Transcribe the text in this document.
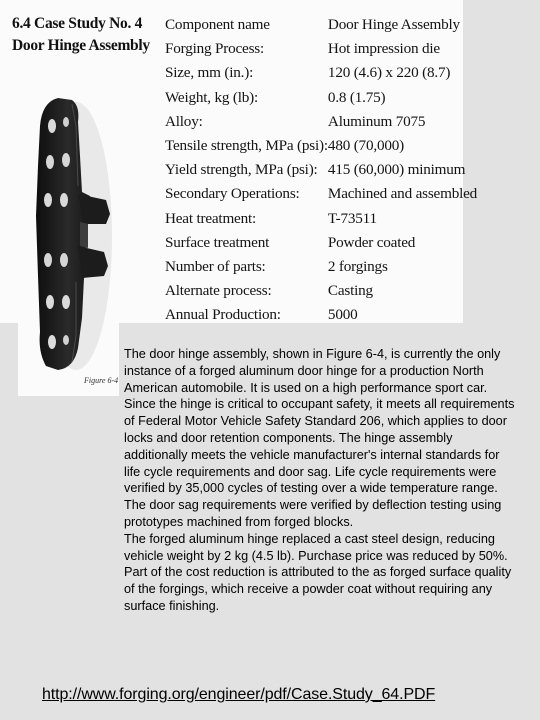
6.4 Case Study No. 4
Door Hinge Assembly
Component name	Door Hinge Assembly
Forging Process:	Hot impression die
Size, mm (in.):	120 (4.6) x 220 (8.7)
Weight, kg (lb):	0.8 (1.75)
Alloy:	Aluminum 7075
Tensile strength, MPa (psi):	480 (70,000)
Yield strength, MPa (psi):	415 (60,000) minimum
Secondary Operations:	Machined and assembled
Heat treatment:	T-73511
Surface treatment	Powder coated
Number of parts:	2 forgings
Alternate process:	Casting
Annual Production:	5000
Figure 6-4

The door hinge assembly, shown in Figure 6-4, is currently the only instance of a forged aluminum door hinge for a production North American automobile. It is used on a high performance sport car. Since the hinge is critical to occupant safety, it meets all requirements of Federal Motor Vehicle Safety Standard 206, which applies to door locks and door retention components. The hinge assembly additionally meets the vehicle manufacturer's internal standards for life cycle requirements and door sag. Life cycle requirements were verified by 35,000 cycles of testing over a wide temperature range. The door sag requirements were verified by deflection testing using prototypes machined from forged blocks.

The forged aluminum hinge replaced a cast steel design, reducing vehicle weight by 2 kg (4.5 lb). Purchase price was reduced by 50%. Part of the cost reduction is attributed to the as forged surface quality of the forgings, which receive a powder coat without requiring any surface finishing.

http://www.forging.org/engineer/pdf/Case.Study_64.PDF
